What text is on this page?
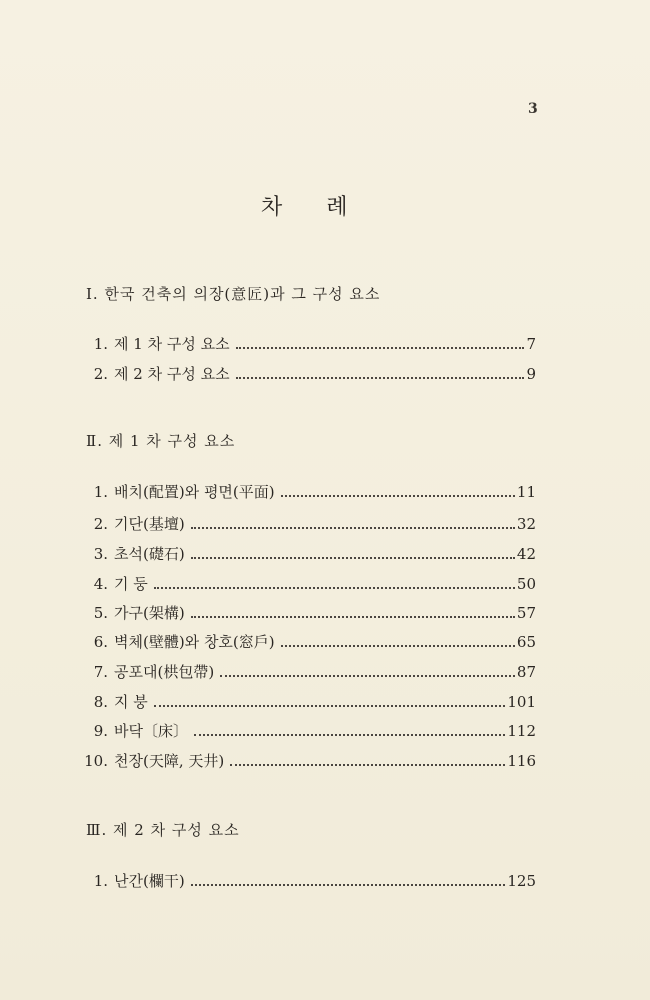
3
차례
Ⅰ. 한국 건축의 의장(意匠)과 그 구성 요소
1. 제 1 차 구성 요소	7
2. 제 2 차 구성 요소	9
Ⅱ. 제 1 차 구성 요소
1. 배치(配置)와 평면(平面)	11
2. 기단(基壇)	32
3. 초석(礎石)	42
4. 기 둥	50
5. 가구(架構)	57
6. 벽체(壁體)와 창호(窓戶)	65
7. 공포대(栱包帶)	87
8. 지 붕	101
9. 바닥〔床〕	112
10. 천장(天障, 天井)	116
Ⅲ. 제 2 차 구성 요소
1. 난간(欄干)	125
